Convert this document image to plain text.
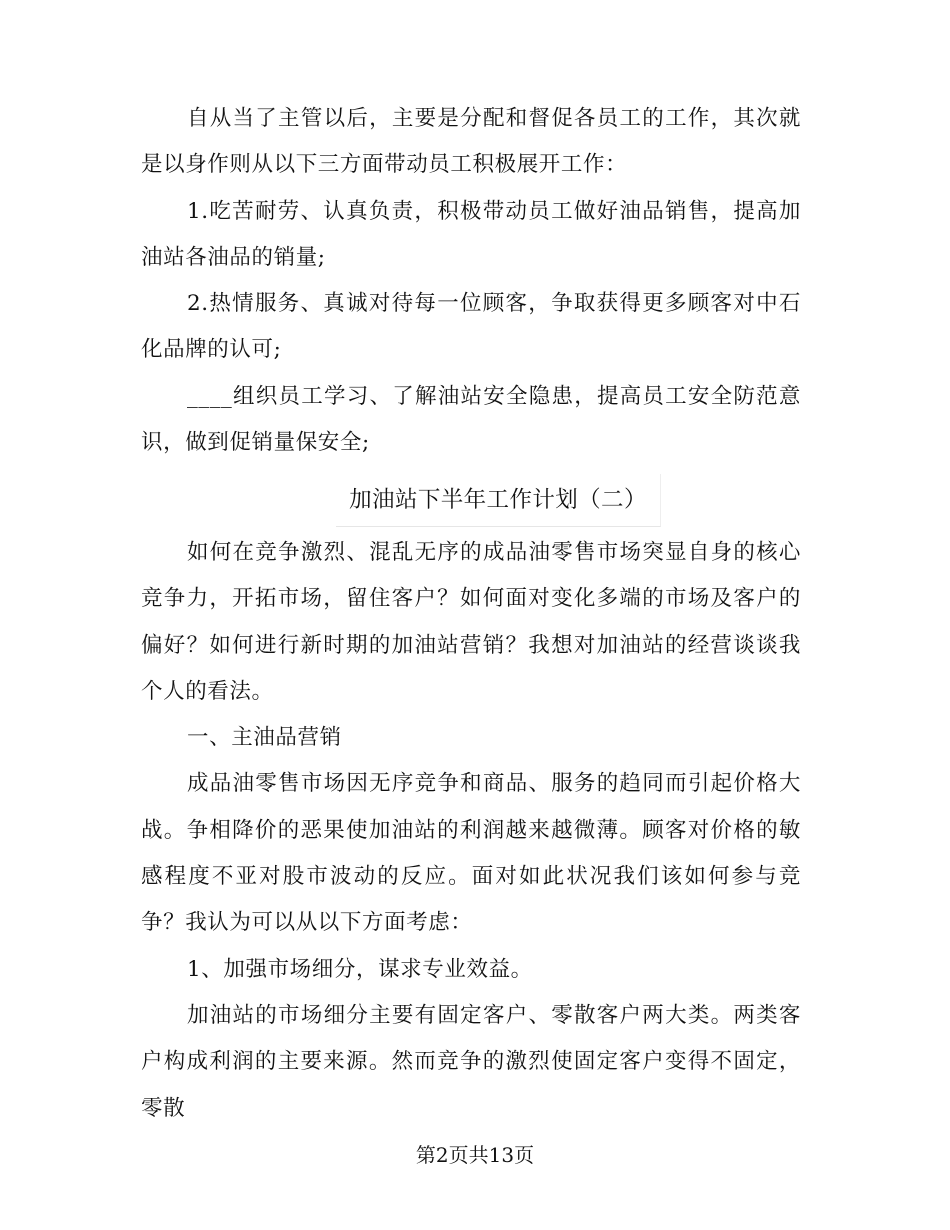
自从当了主管以后，主要是分配和督促各员工的工作，其次就是以身作则从以下三方面带动员工积极展开工作：

1.吃苦耐劳、认真负责，积极带动员工做好油品销售，提高加油站各油品的销量;

2.热情服务、真诚对待每一位顾客，争取获得更多顾客对中石化品牌的认可;

____组织员工学习、了解油站安全隐患，提高员工安全防范意识，做到促销量保安全;

加油站下半年工作计划（二）

如何在竞争激烈、混乱无序的成品油零售市场突显自身的核心竞争力，开拓市场，留住客户？如何面对变化多端的市场及客户的偏好？如何进行新时期的加油站营销？我想对加油站的经营谈谈我个人的看法。

一、主油品营销

成品油零售市场因无序竞争和商品、服务的趋同而引起价格大战。争相降价的恶果使加油站的利润越来越微薄。顾客对价格的敏感程度不亚对股市波动的反应。面对如此状况我们该如何参与竞争？我认为可以从以下方面考虑：

1、加强市场细分，谋求专业效益。

加油站的市场细分主要有固定客户、零散客户两大类。两类客户构成利润的主要来源。然而竞争的激烈使固定客户变得不固定，零散

第2页共13页
